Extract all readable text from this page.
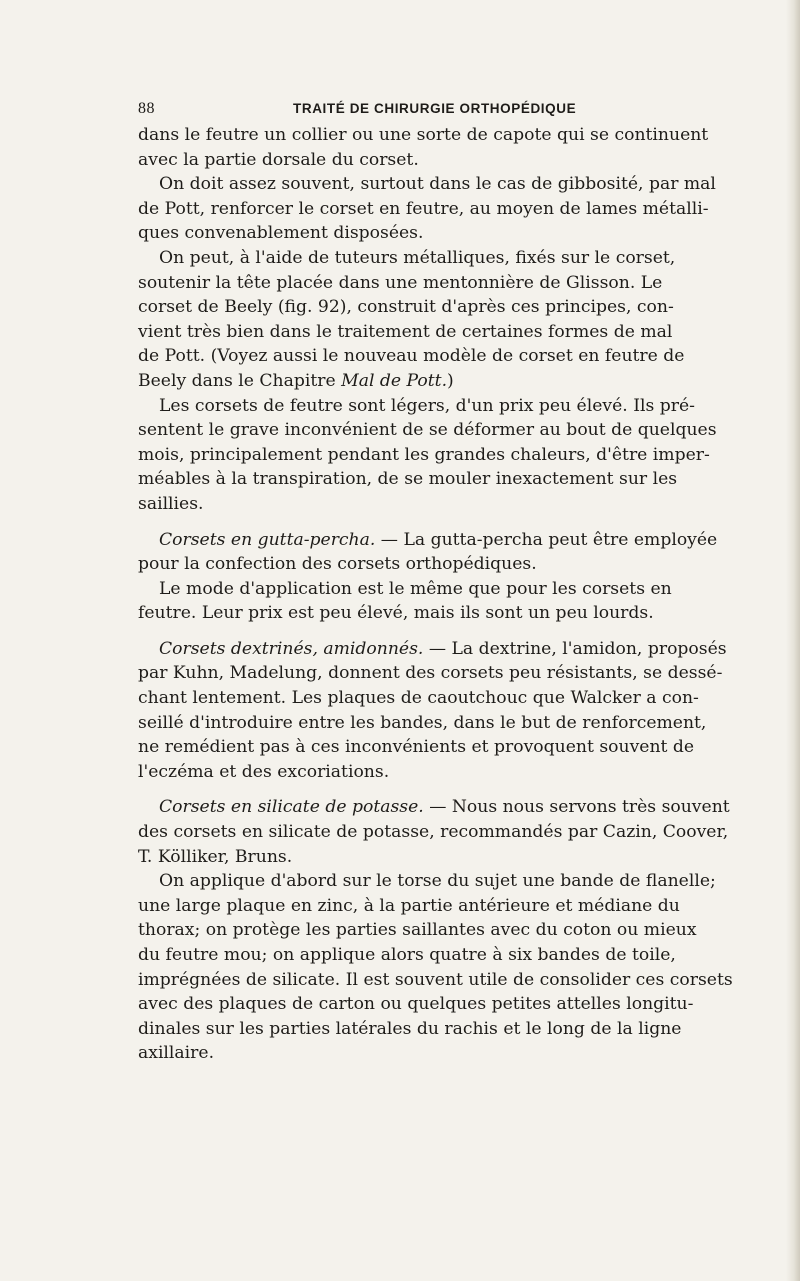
88	TRAITÉ DE CHIRURGIE ORTHOPÉDIQUE

dans le feutre un collier ou une sorte de capote qui se continuent
avec la partie dorsale du corset.

On doit assez souvent, surtout dans le cas de gibbosité, par mal
de Pott, renforcer le corset en feutre, au moyen de lames métalli-
ques convenablement disposées.

On peut, à l'aide de tuteurs métalliques, fixés sur le corset,
soutenir la tête placée dans une mentonnière de Glisson. Le
corset de Beely (fig. 92), construit d'après ces principes, con-
vient très bien dans le traitement de certaines formes de mal
de Pott. (Voyez aussi le nouveau modèle de corset en feutre de
Beely dans le Chapitre Mal de Pott.)

Les corsets de feutre sont légers, d'un prix peu élevé. Ils pré-
sentent le grave inconvénient de se déformer au bout de quelques
mois, principalement pendant les grandes chaleurs, d'être imper-
méables à la transpiration, de se mouler inexactement sur les
saillies.

Corsets en gutta-percha. — La gutta-percha peut être employée
pour la confection des corsets orthopédiques.

Le mode d'application est le même que pour les corsets en
feutre. Leur prix est peu élevé, mais ils sont un peu lourds.

Corsets dextrinés, amidonnés. — La dextrine, l'amidon, proposés
par Kuhn, Madelung, donnent des corsets peu résistants, se dessé-
chant lentement. Les plaques de caoutchouc que Walcker a con-
seillé d'introduire entre les bandes, dans le but de renforcement,
ne remédient pas à ces inconvénients et provoquent souvent de
l'eczéma et des excoriations.

Corsets en silicate de potasse. — Nous nous servons très souvent
des corsets en silicate de potasse, recommandés par Cazin, Coover,
T. Kölliker, Bruns.

On applique d'abord sur le torse du sujet une bande de flanelle;
une large plaque en zinc, à la partie antérieure et médiane du
thorax; on protège les parties saillantes avec du coton ou mieux
du feutre mou; on applique alors quatre à six bandes de toile,
imprégnées de silicate. Il est souvent utile de consolider ces corsets
avec des plaques de carton ou quelques petites attelles longitu-
dinales sur les parties latérales du rachis et le long de la ligne
axillaire.
